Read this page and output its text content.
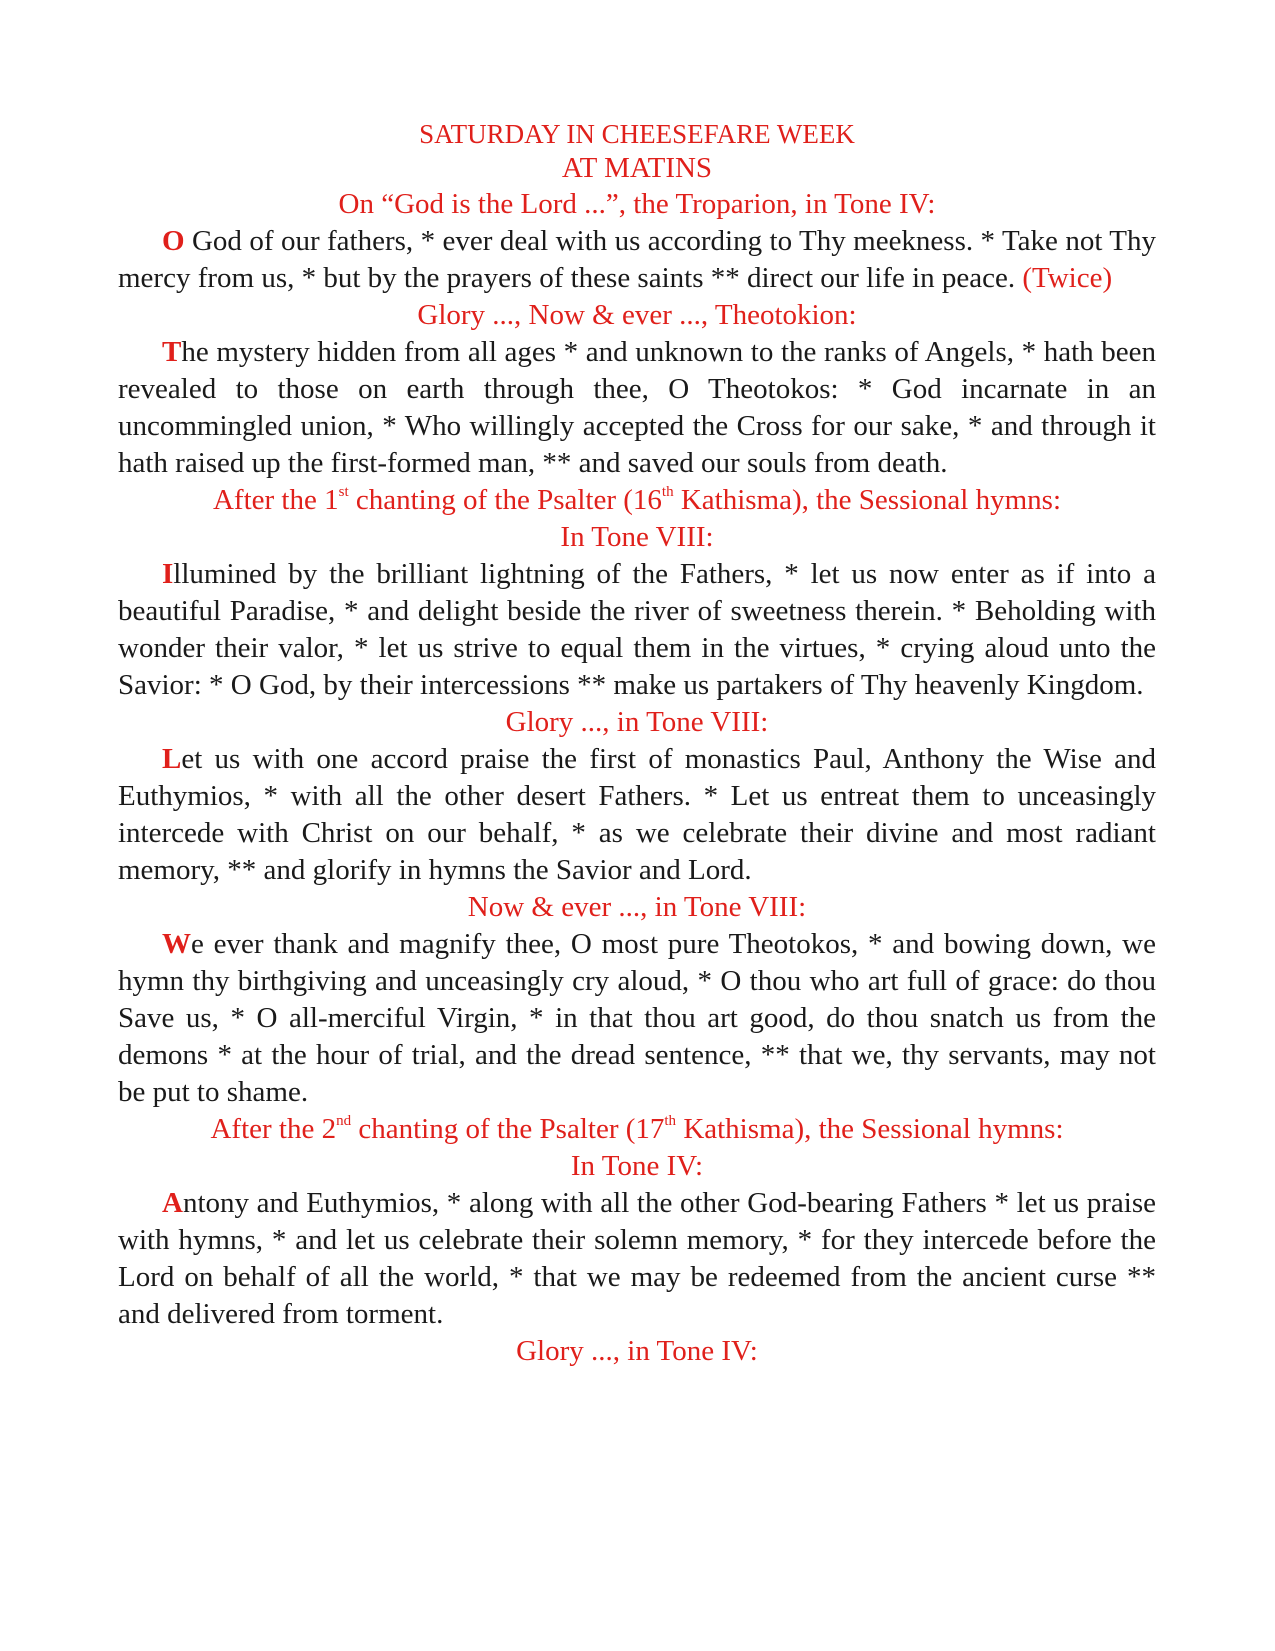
SATURDAY IN CHEESEFARE WEEK

AT MATINS

On “God is the Lord ...”, the Troparion, in Tone IV:

O God of our fathers, * ever deal with us according to Thy meekness. * Take not Thy mercy from us, * but by the prayers of these saints ** direct our life in peace. (Twice)

Glory ..., Now & ever ..., Theotokion:

The mystery hidden from all ages * and unknown to the ranks of Angels, * hath been revealed to those on earth through thee, O Theotokos: * God incarnate in an uncommingled union, * Who willingly accepted the Cross for our sake, * and through it hath raised up the first-formed man, ** and saved our souls from death.

After the 1st chanting of the Psalter (16th Kathisma), the Sessional hymns:

In Tone VIII:

Illumined by the brilliant lightning of the Fathers, * let us now enter as if into a beautiful Paradise, * and delight beside the river of sweetness therein. * Beholding with wonder their valor, * let us strive to equal them in the virtues, * crying aloud unto the Savior: * O God, by their intercessions ** make us partakers of Thy heavenly Kingdom.

Glory ..., in Tone VIII:

Let us with one accord praise the first of monastics Paul, Anthony the Wise and Euthymios, * with all the other desert Fathers. * Let us entreat them to unceasingly intercede with Christ on our behalf, * as we celebrate their divine and most radiant memory, ** and glorify in hymns the Savior and Lord.

Now & ever ..., in Tone VIII:

We ever thank and magnify thee, O most pure Theotokos, * and bowing down, we hymn thy birthgiving and unceasingly cry aloud, * O thou who art full of grace: do thou Save us, * O all-merciful Virgin, * in that thou art good, do thou snatch us from the demons * at the hour of trial, and the dread sentence, ** that we, thy servants, may not be put to shame.

After the 2nd chanting of the Psalter (17th Kathisma), the Sessional hymns:

In Tone IV:

Antony and Euthymios, * along with all the other God-bearing Fathers * let us praise with hymns, * and let us celebrate their solemn memory, * for they intercede before the Lord on behalf of all the world, * that we may be redeemed from the ancient curse ** and delivered from torment.

Glory ..., in Tone IV:
